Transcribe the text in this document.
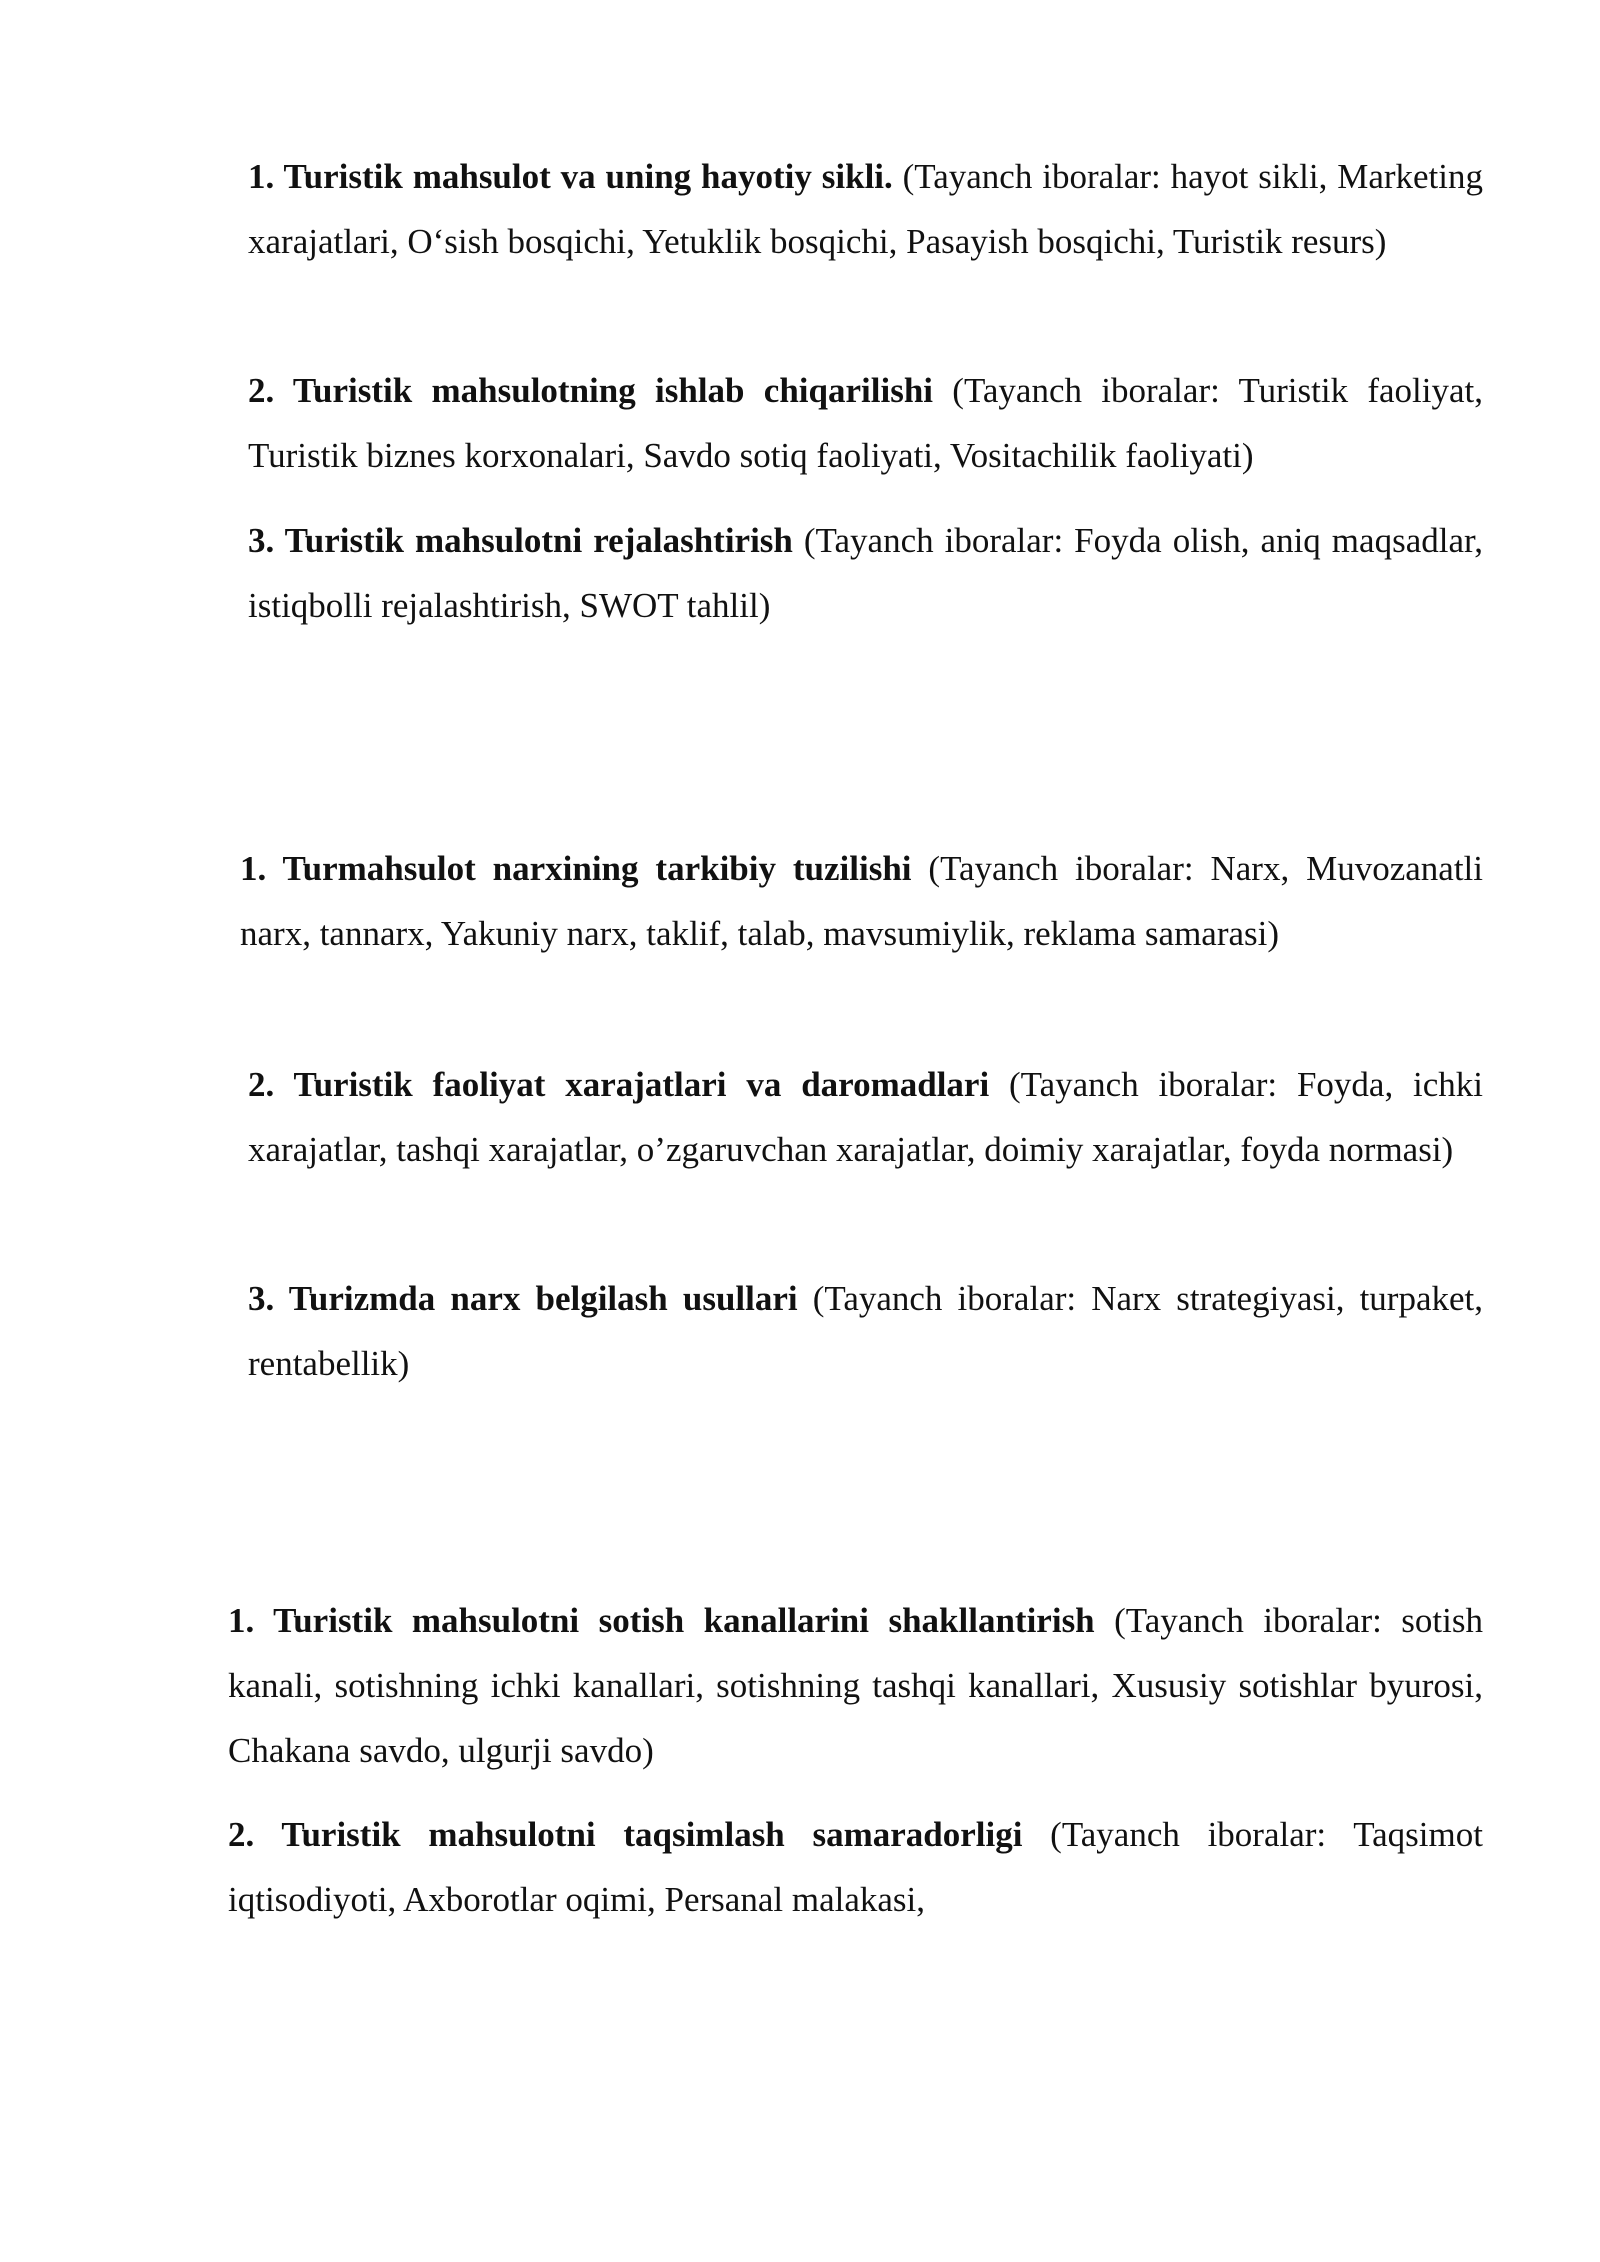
1. Turistik mahsulot va uning hayotiy sikli. (Tayanch iboralar: hayot sikli, Marketing xarajatlari, O‘sish bosqichi, Yetuklik bosqichi, Pasayish bosqichi, Turistik resurs)

2. Turistik mahsulotning ishlab chiqarilishi (Tayanch iboralar: Turistik faoliyat, Turistik biznes korxonalari, Savdo sotiq faoliyati, Vositachilik faoliyati)

3. Turistik mahsulotni rejalashtirish (Tayanch iboralar: Foyda olish, aniq maqsadlar, istiqbolli rejalashtirish, SWOT tahlil)

1. Turmahsulot narxining tarkibiy tuzilishi (Tayanch iboralar: Narx, Muvozanatli narx, tannarx, Yakuniy narx, taklif, talab, mavsumiylik, reklama samarasi)

2. Turistik faoliyat xarajatlari va daromadlari (Tayanch iboralar: Foyda, ichki xarajatlar, tashqi xarajatlar, o’zgaruvchan xarajatlar, doimiy xarajatlar, foyda normasi)

3. Turizmda narx belgilash usullari (Tayanch iboralar: Narx strategiyasi, turpaket, rentabellik)

1. Turistik mahsulotni sotish kanallarini shakllantirish (Tayanch iboralar: sotish kanali, sotishning ichki kanallari, sotishning tashqi kanallari, Xususiy sotishlar byurosi, Chakana savdo, ulgurji savdo)

2. Turistik mahsulotni taqsimlash samaradorligi (Tayanch iboralar: Taqsimot iqtisodiyoti, Axborotlar oqimi, Persanal malakasi,
